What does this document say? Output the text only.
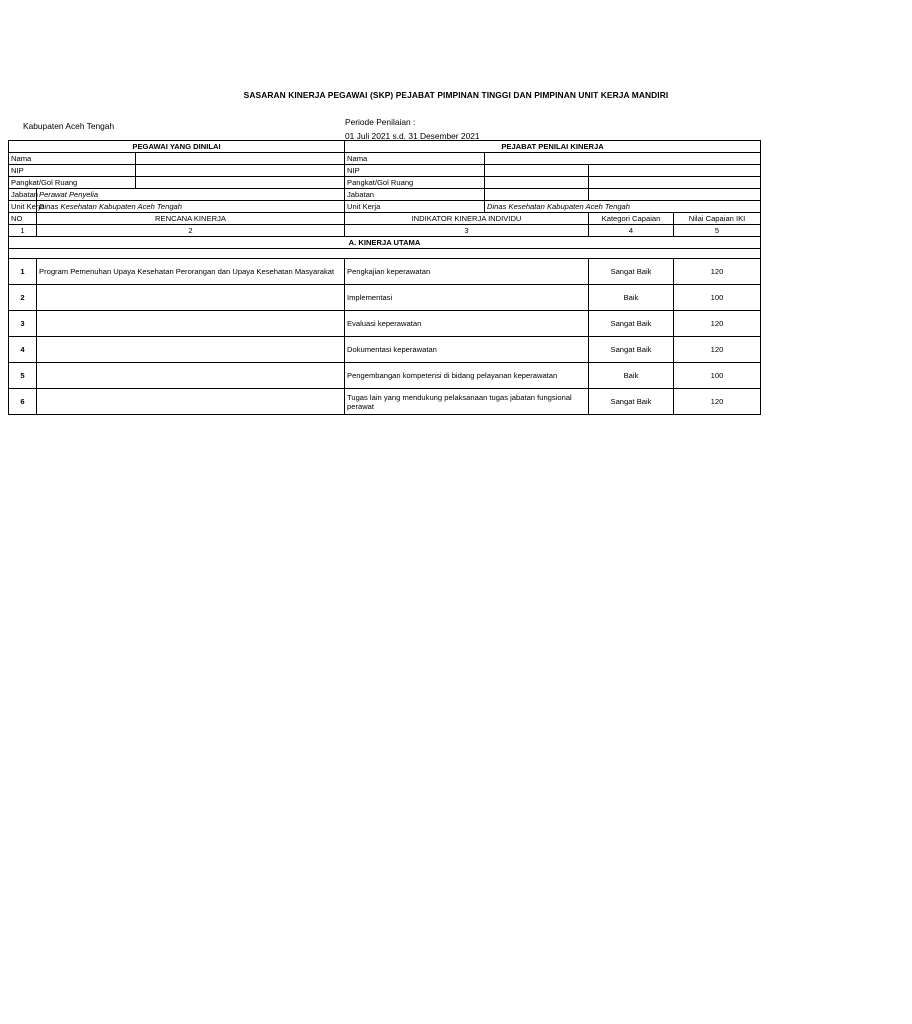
SASARAN KINERJA PEGAWAI (SKP) PEJABAT PIMPINAN TINGGI DAN PIMPINAN UNIT KERJA MANDIRI
Kabupaten Aceh Tengah	Periode Penilaian :
01 Juli 2021 s.d. 31 Desember 2021
PEGAWAI YANG DINILAI			PEJABAT PENILAI KINERJA			
Nama			Nama			
NIP			NIP			
Pangkat/Gol Ruang			Pangkat/Gol Ruang			
Jabatan	Perawat Penyelia		Jabatan			
Unit Kerja	Dinas Kesehatan Kabupaten Aceh Tengah		Unit Kerja	Dinas Kesehatan Kabupaten Aceh Tengah		
NO	RENCANA KINERJA		INDIKATOR KINERJA INDIVIDU		Kategori Capaian	Nilai Capaian IKI
1	2		3		4	5
A. KINERJA UTAMA						

1	Program Pemenuhan Upaya Kesehatan Perorangan dan Upaya Kesehatan Masyarakat		Pengkajian keperawatan		Sangat Baik	120
2			Implementasi		Baik	100
3			Evaluasi keperawatan		Sangat Baik	120
4			Dokumentasi keperawatan		Sangat Baik	120
5			Pengembangan kompetensi di bidang pelayanan keperawatan		Baik	100
6			Tugas lain yang mendukung pelaksanaan tugas jabatan fungsional perawat		Sangat Baik	120
